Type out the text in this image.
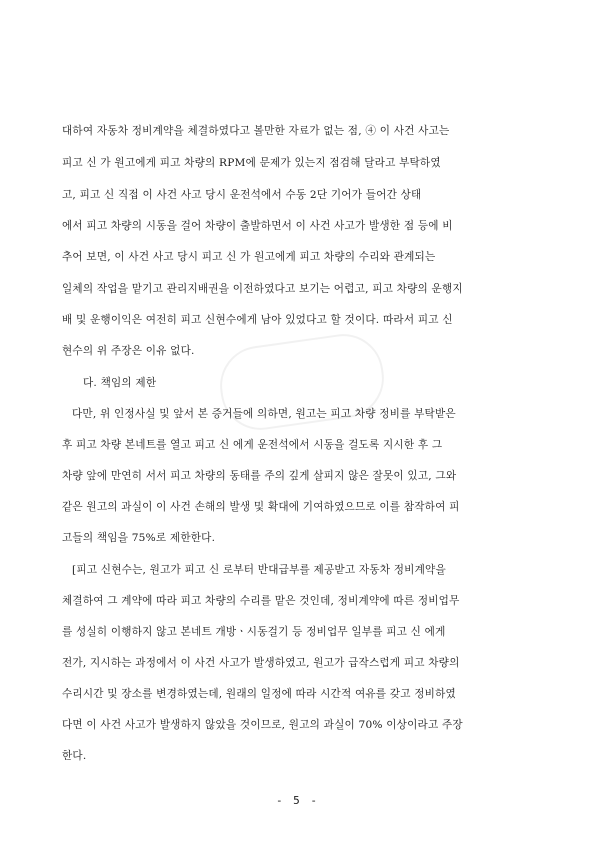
대하여 자동차 정비계약을 체결하였다고 볼만한 자료가 없는 점, ④ 이 사건 사고는
피고 신 가 원고에게 피고 차량의 RPM에 문제가 있는지 점검해 달라고 부탁하였
고, 피고 신 직접 이 사건 사고 당시 운전석에서 수동 2단 기어가 들어간 상태
에서 피고 차량의 시동을 걸어 차량이 출발하면서 이 사건 사고가 발생한 점 등에 비
추어 보면, 이 사건 사고 당시 피고 신 가 원고에게 피고 차량의 수리와 관계되는
일체의 작업을 맡기고 관리지배권을 이전하였다고 보기는 어렵고, 피고 차량의 운행지
배 및 운행이익은 여전히 피고 신현수에게 남아 있었다고 할 것이다. 따라서 피고 신
현수의 위 주장은 이유 없다.
다. 책임의 제한
다만, 위 인정사실 및 앞서 본 증거들에 의하면, 원고는 피고 차량 정비를 부탁받은
후 피고 차량 본네트를 열고 피고 신 에게 운전석에서 시동을 걸도록 지시한 후 그
차량 앞에 만연히 서서 피고 차량의 동태를 주의 깊게 살피지 않은 잘못이 있고, 그와
같은 원고의 과실이 이 사건 손해의 발생 및 확대에 기여하였으므로 이를 참작하여 피
고들의 책임을 75%로 제한한다.
[피고 신현수는, 원고가 피고 신 로부터 반대급부를 제공받고 자동차 정비계약을
체결하여 그 계약에 따라 피고 차량의 수리를 맡은 것인데, 정비계약에 따른 정비업무
를 성실히 이행하지 않고 본네트 개방ㆍ시동걸기 등 정비업무 일부를 피고 신 에게
전가, 지시하는 과정에서 이 사건 사고가 발생하였고, 원고가 급작스럽게 피고 차량의
수리시간 및 장소를 변경하였는데, 원래의 일정에 따라 시간적 여유를 갖고 정비하였
다면 이 사건 사고가 발생하지 않았을 것이므로, 원고의 과실이 70% 이상이라고 주장
한다.
- 5 -
